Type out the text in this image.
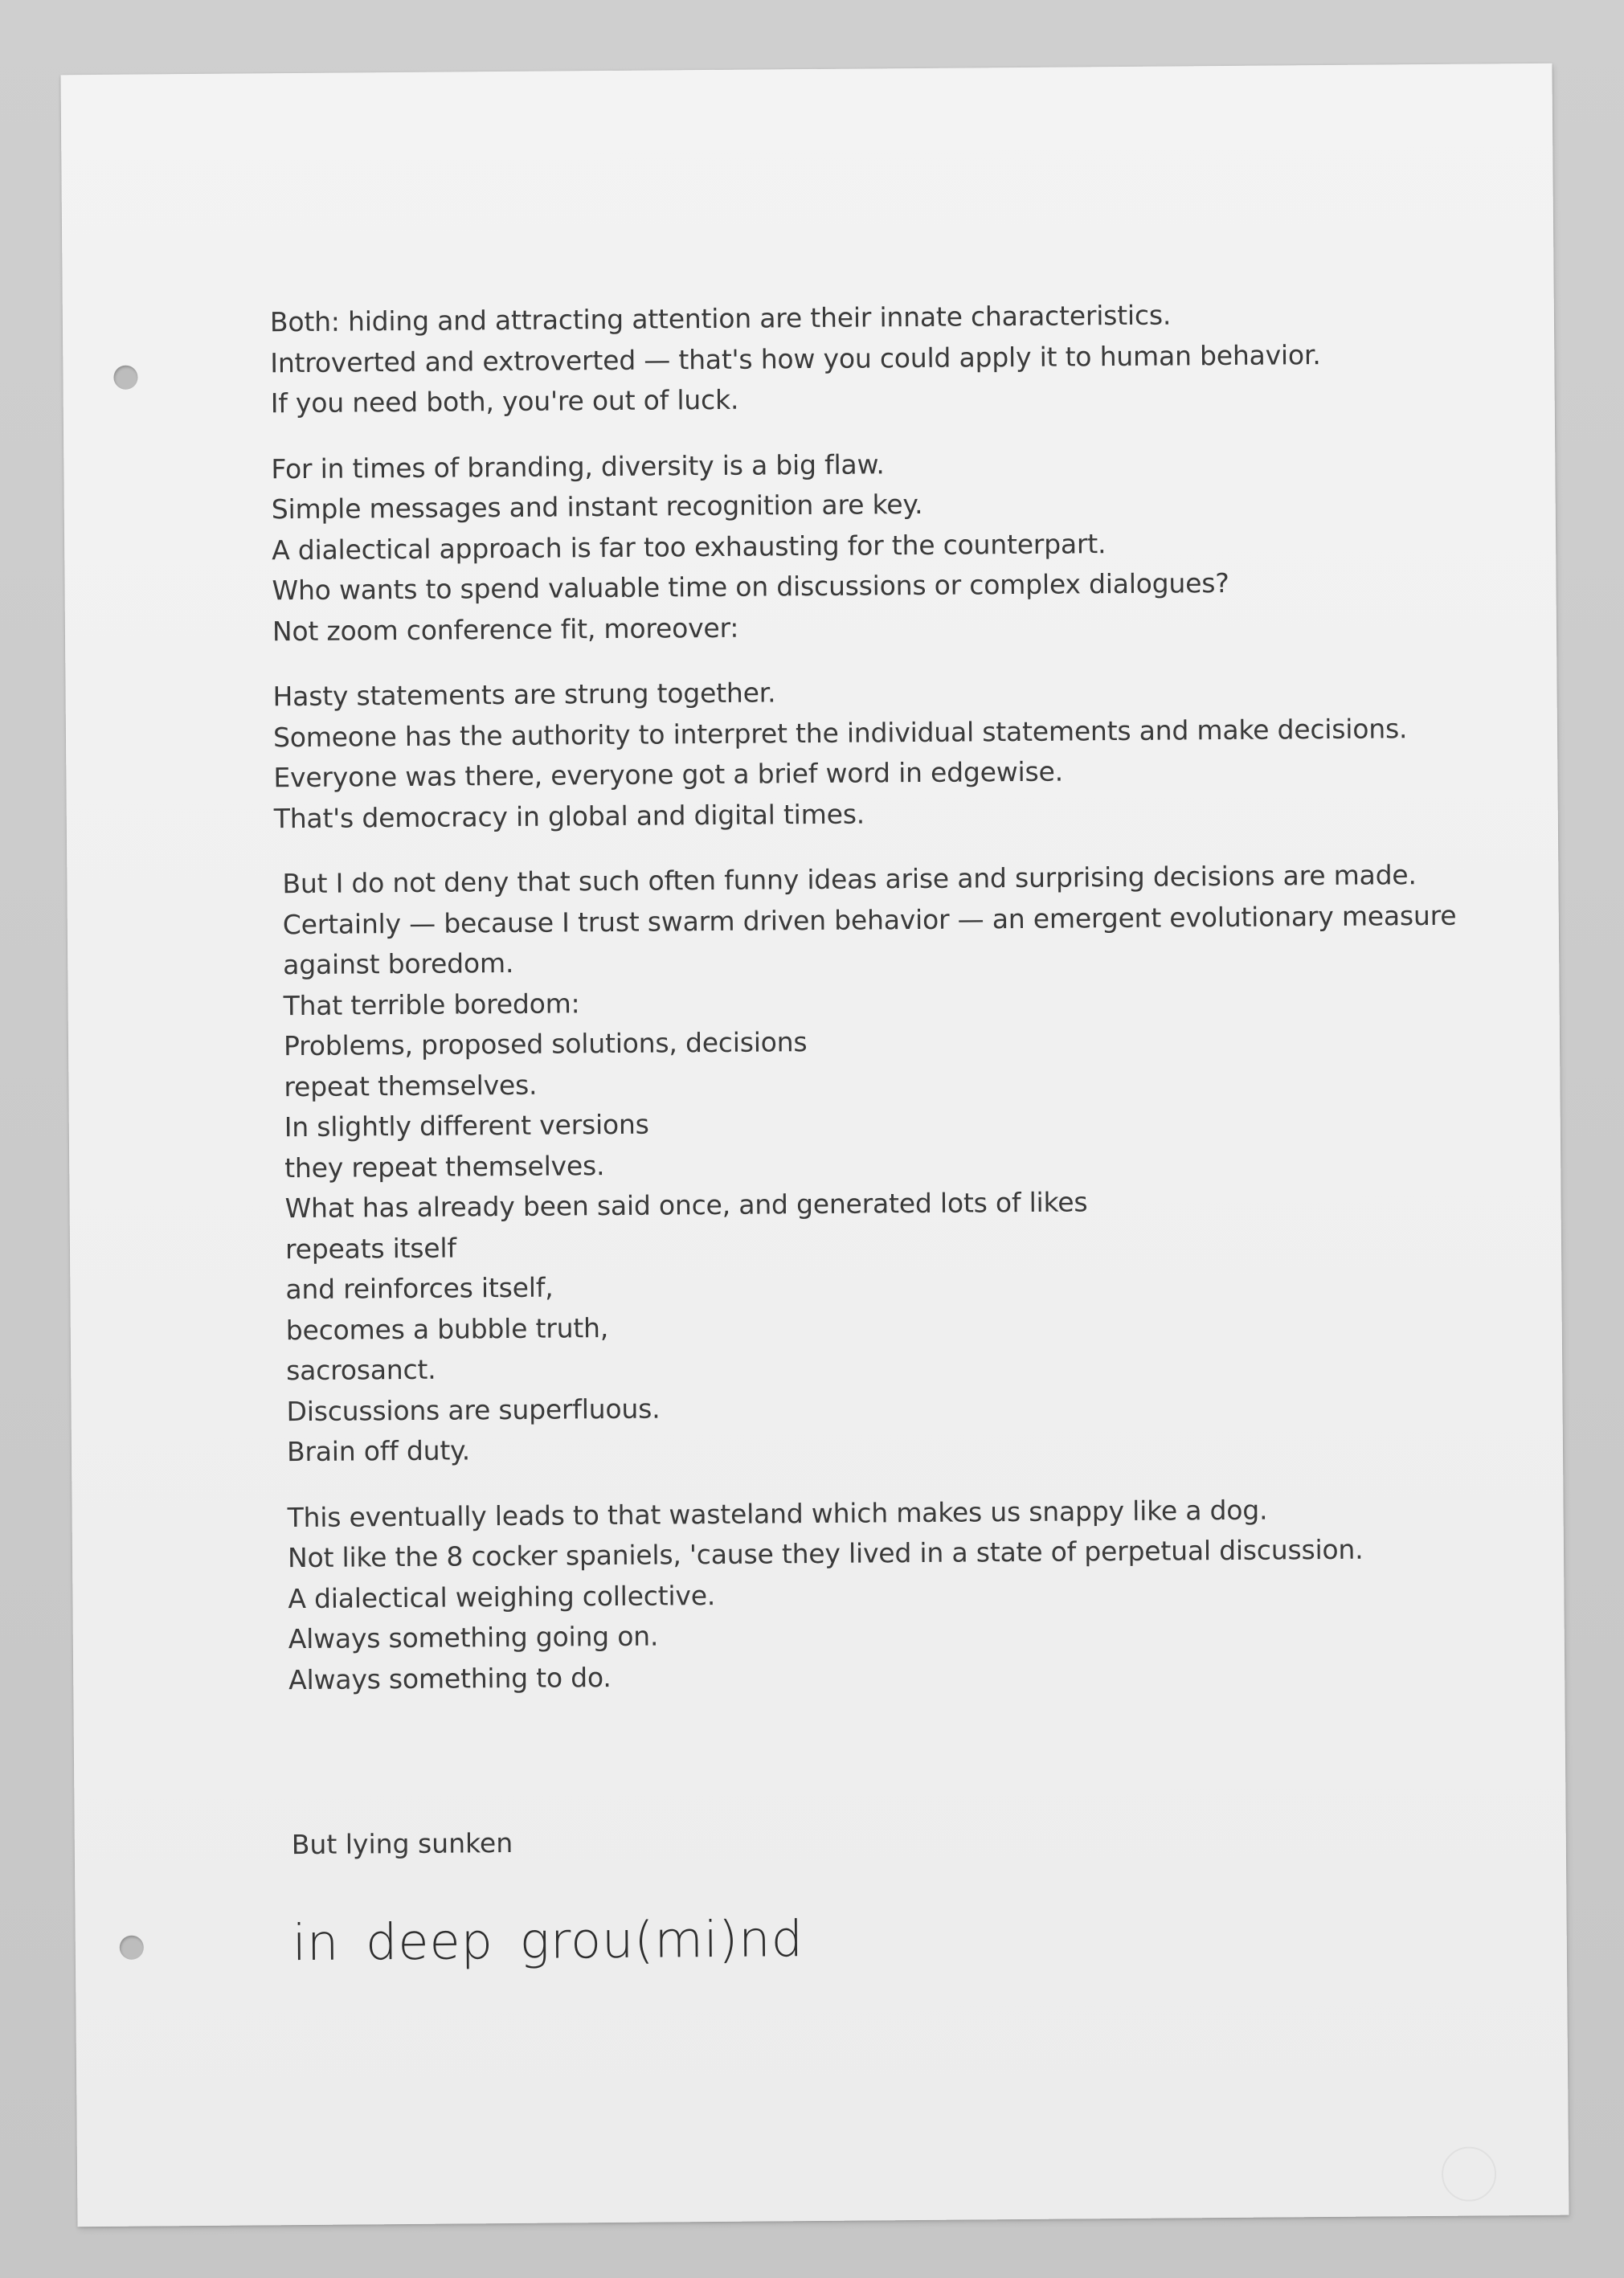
Both: hiding and attracting attention are their innate characteristics.
Introverted and extroverted — that's how you could apply it to human behavior.
If you need both, you're out of luck.
For in times of branding, diversity is a big flaw.
Simple messages and instant recognition are key.
A dialectical approach is far too exhausting for the counterpart.
Who wants to spend valuable time on discussions or complex dialogues?
Not zoom conference fit, moreover:
Hasty statements are strung together.
Someone has the authority to interpret the individual statements and make decisions.
Everyone was there, everyone got a brief word in edgewise.
That's democracy in global and digital times.
But I do not deny that such often funny ideas arise and surprising decisions are made.
Certainly — because I trust swarm driven behavior — an emergent evolutionary measure against boredom.
That terrible boredom:
Problems, proposed solutions, decisions
repeat themselves.
In slightly different versions
they repeat themselves.
What has already been said once, and generated lots of likes
repeats itself
and reinforces itself,
becomes a bubble truth,
sacrosanct.
Discussions are superfluous.
Brain off duty.
This eventually leads to that wasteland which makes us snappy like a dog.
Not like the 8 cocker spaniels, 'cause they lived in a state of perpetual discussion.
A dialectical weighing collective.
Always something going on.
Always something to do.
But lying sunken
in deep grou(mi)nd
